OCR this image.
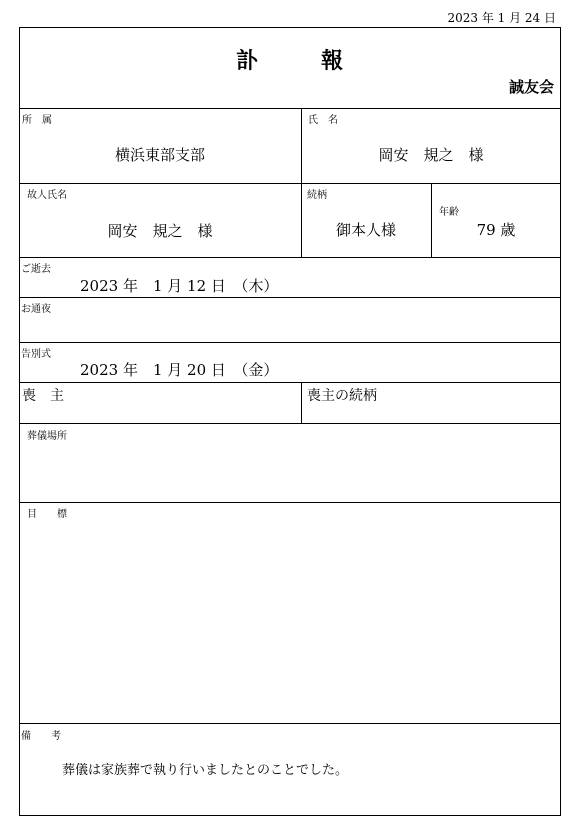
2023 年 1 月 24 日
訃	報
誠友会
所　属
横浜東部支部
氏　名
岡安　規之　様
故人氏名
岡安　規之　様
続柄
御本人様
年齢
79 歳
ご逝去
2023 年　1 月 12 日　（木）
お通夜
告別式
2023 年　1 月 20 日　（金）
喪　主	喪主の続柄
葬儀場所
目　　標
備　　考
葬儀は家族葬で執り行いましたとのことでした。
